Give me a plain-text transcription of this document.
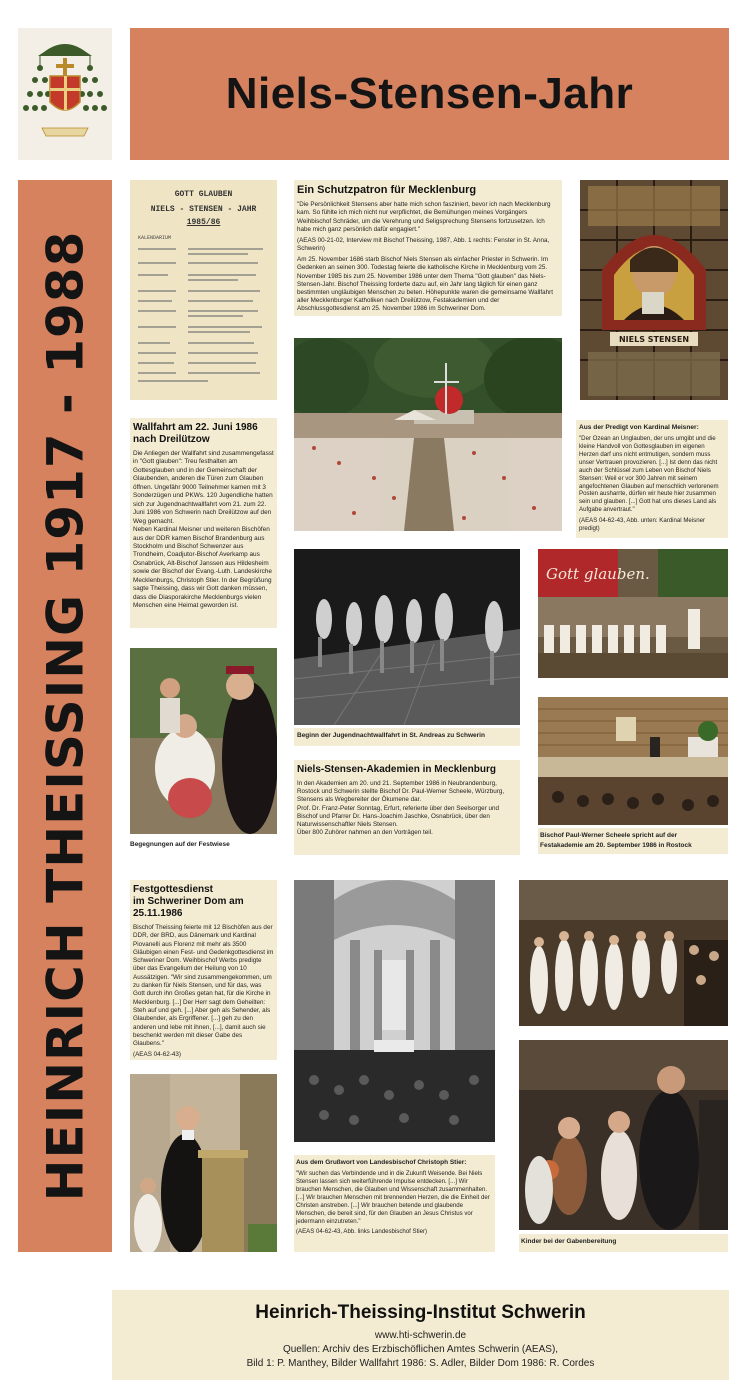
Niels-Stensen-Jahr
HEINRICH THEISSING 1917 - 1988
GOTT GLAUBEN
NIELS - STENSEN - JAHR
1985/86
KALENDARIUM
Ein Schutzpatron für Mecklenburg

"Die Persönlichkeit Stensens aber hatte mich schon fasziniert, bevor ich nach Mecklenburg kam. So fühlte ich mich nicht nur verpflichtet, die Bemühungen meines Vorgängers Weihbischof Schräder, um die Verehrung und Seligsprechung Stensens fortzusetzen. Ich habe mich ganz persönlich dafür engagiert."

(AEAS 00-21-02, Interview mit Bischof Theissing, 1987, Abb. 1 rechts: Fenster in St. Anna, Schwerin)

Am 25. November 1686 starb Bischof Niels Stensen als einfacher Priester in Schwerin. Im Gedenken an seinen 300. Todestag feierte die katholische Kirche in Mecklenburg vom 25. November 1985 bis zum 25. November 1986 unter dem Thema "Gott glauben" das Niels-Stensen-Jahr. Bischof Theissing forderte dazu auf, ein Jahr lang täglich für einen ganz bestimmten ungläubigen Menschen zu beten. Höhepunkte waren die gemeinsame Wallfahrt aller Mecklenburger Katholiken nach Dreilützow, Festakademien und der Abschlussgottesdienst am 25. November 1986 im Schweriner Dom.

NIELS STENSEN
Wallfahrt am 22. Juni 1986 nach Dreilützow

Die Anliegen der Wallfahrt sind zusammengefasst in "Gott glauben": Treu festhalten am Gottesglauben und in der Gemeinschaft der Glaubenden, anderen die Türen zum Glauben öffnen. Ungefähr 9000 Teilnehmer kamen mit 3 Sonderzügen und PKWs. 120 Jugendliche hatten sich zur Jugendnachtwallfahrt vom 21. zum 22. Juni 1986 von Schwerin nach Dreilützow auf den Weg gemacht.

Neben Kardinal Meisner und weiteren Bischöfen aus der DDR kamen Bischof Brandenburg aus Stockholm und Bischof Schwenzer aus Trondheim, Coadjutor-Bischof Averkamp aus Osnabrück, Alt-Bischof Janssen aus Hildesheim sowie der Bischof der Evang.-Luth. Landeskirche Mecklenburgs, Christoph Stier. In der Begrüßung sagte Theissing, dass wir Gott danken müssen, dass die Diasporakirche Mecklenburgs vielen Menschen eine Heimat geworden ist.

Aus der Predigt von Kardinal Meisner:

"Der Ozean an Unglauben, der uns umgibt und die kleine Handvoll von Gottesglauben im eigenen Herzen darf uns nicht entmutigen, sondern muss unser Vertrauen provozieren. [...] Ist denn das nicht auch der Schlüssel zum Leben von Bischof Niels Stensen: Weil er vor 300 Jahren mit seinem angefochtenen Glauben auf menschlich verlorenem Posten ausharrte, dürfen wir heute hier zusammen sein und glauben. [...] Gott hat uns dieses Land als Aufgabe anvertraut."

(AEAS 04-62-43, Abb. unten: Kardinal Meisner predigt)

Beginn der Jugendnachtwallfahrt in St. Andreas zu Schwerin
Gott glauben.
Begegnungen auf der Festwiese
Bischof Paul-Werner Scheele spricht auf der
Festakademie am 20. September 1986 in Rostock
Niels-Stensen-Akademien in Mecklenburg

In den Akademien am 20. und 21. September 1986 in Neubrandenburg, Rostock und Schwerin stellte Bischof Dr. Paul-Werner Scheele, Würzburg, Stensens als Wegbereiter der Ökumene dar.

Prof. Dr. Franz-Peter Sonntag, Erfurt, referierte über den Seelsorger und Bischof und Pfarrer Dr. Hans-Joachim Jaschke, Osnabrück, über den Naturwissenschaftler Niels Stensen.

Über 800 Zuhörer nahmen an den Vorträgen teil.

Festgottesdienst
im Schweriner Dom am 25.11.1986

Bischof Theissing feierte mit 12 Bischöfen aus der DDR, der BRD, aus Dänemark und Kardinal Piovanelli aus Florenz mit mehr als 3500 Gläubigen einen Fest- und Gedenkgottesdienst im Schweriner Dom. Weihbischof Werbs predigte über das Evangelium der Heilung von 10 Aussätzigen. "Wir sind zusammengekommen, um zu danken für Niels Stensen, und für das, was Gott durch ihn Großes getan hat, für die Kirche in Mecklenburg. [...] Der Herr sagt dem Geheilten: Steh auf und geh. [...] Aber geh als Sehender, als Glaubender, als Ergriffener. [...] geh zu den anderen und lebe mit ihnen, [...], damit auch sie beschenkt werden mit dieser Gabe des Glaubens."

(AEAS 04-62-43)

Kinder bei der Gabenbereitung
Aus dem Grußwort von Landesbischof Christoph Stier:

"Wir suchen das Verbindende und in die Zukunft Weisende. Bei Niels Stensen lassen sich weiterführende Impulse entdecken. [...] Wir brauchen Menschen, die Glauben und Wissenschaft zusammenhalten. [...] Wir brauchen Menschen mit brennenden Herzen, die die Einheit der Christen anstreben. [...] Wir brauchen betende und glaubende Menschen, die bereit sind, für den Glauben an Jesus Christus vor jedermann einzutreten."

(AEAS 04-62-43, Abb. links Landesbischof Stier)

Heinrich-Theissing-Institut Schwerin
www.hti-schwerin.de
Quellen: Archiv des Erzbischöflichen Amtes Schwerin (AEAS),
Bild 1: P. Manthey, Bilder Wallfahrt 1986: S. Adler, Bilder Dom 1986: R. Cordes
